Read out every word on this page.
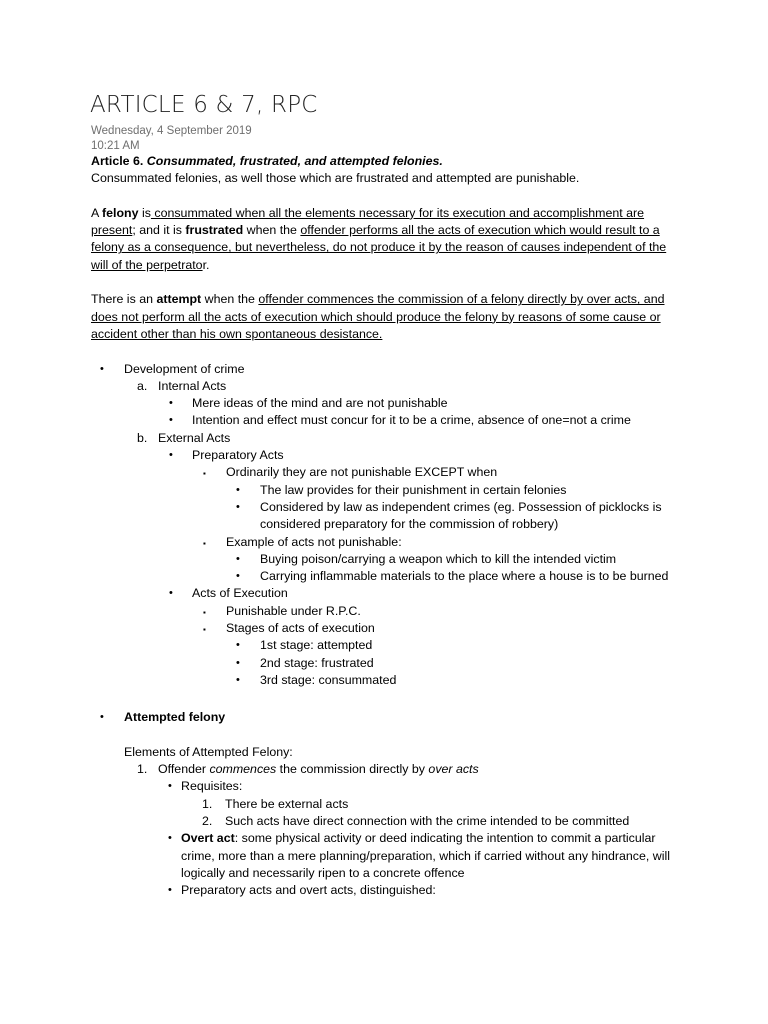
ARTICLE 6 & 7, RPC
Wednesday, 4 September 2019
10:21 AM

Article 6. Consummated, frustrated, and attempted felonies.

Consummated felonies, as well those which are frustrated and attempted are punishable.

A felony is consummated when all the elements necessary for its execution and accomplishment are present; and it is frustrated when the offender performs all the acts of execution which would result to a felony as a consequence, but nevertheless, do not produce it by the reason of causes independent of the will of the perpetrator.

There is an attempt when the offender commences the commission of a felony directly by over acts, and does not perform all the acts of execution which should produce the felony by reasons of some cause or accident other than his own spontaneous desistance.

• Development of crime
a. Internal Acts
• Mere ideas of the mind and are not punishable
• Intention and effect must concur for it to be a crime, absence of one=not a crime
b. External Acts
• Preparatory Acts
▪ Ordinarily they are not punishable EXCEPT when
• The law provides for their punishment in certain felonies
• Considered by law as independent crimes (eg. Possession of picklocks is considered preparatory for the commission of robbery)
▪ Example of acts not punishable:
• Buying poison/carrying a weapon which to kill the intended victim
• Carrying inflammable materials to the place where a house is to be burned
• Acts of Execution
▪ Punishable under R.P.C.
▪ Stages of acts of execution
• 1st stage: attempted
• 2nd stage: frustrated
• 3rd stage: consummated
• Attempted felony
Elements of Attempted Felony:
1. Offender commences the commission directly by over acts
• Requisites:
1. There be external acts
2. Such acts have direct connection with the crime intended to be committed
• Overt act: some physical activity or deed indicating the intention to commit a particular crime, more than a mere planning/preparation, which if carried without any hindrance, will logically and necessarily ripen to a concrete offence
• Preparatory acts and overt acts, distinguished:
